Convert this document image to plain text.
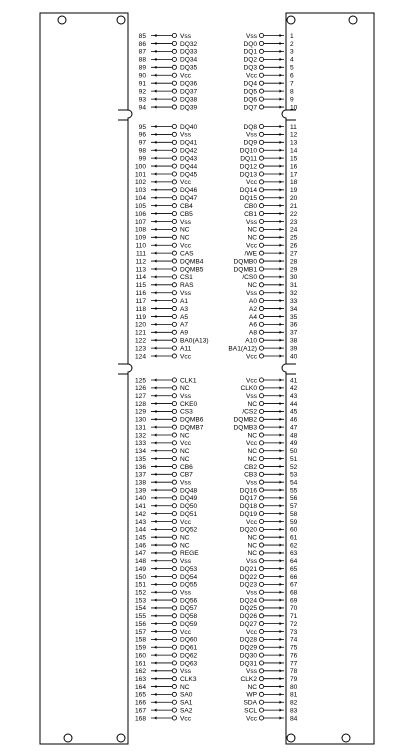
85	Vss
86	DQ32
87	DQ33
88	DQ34
89	DQ35
90	Vcc
91	DQ36
92	DQ37
93	DQ38
94	DQ39
95	DQ40
96	Vss
97	DQ41
98	DQ42
99	DQ43
100	DQ44
101	DQ45
102	Vcc
103	DQ46
104	DQ47
105	CB4
106	CB5
107	Vss
108	NC
109	NC
110	Vcc
111	CAS
112	DQMB4
113	DQMB5
114	CS1
115	RAS
116	Vss
117	A1
118	A3
119	A5
120	A7
121	A9
122	BA0(A13)
123	A11
124	Vcc
125	CLK1
126	NC
127	Vss
128	CKE0
129	CS3
130	DQMB6
131	DQMB7
132	NC
133	Vcc
134	NC
135	NC
136	CB6
137	CB7
138	Vss
139	DQ48
140	DQ49
141	DQ50
142	DQ51
143	Vcc
144	DQ52
145	NC
146	NC
147	REGE
148	Vss
149	DQ53
150	DQ54
151	DQ55
152	Vss
153	DQ56
154	DQ57
155	DQ58
156	DQ59
157	Vcc
158	DQ60
159	DQ61
160	DQ62
161	DQ63
162	Vss
163	CLK3
164	NC
165	SA0
166	SA1
167	SA2
168	Vcc
Vss	1
DQ0	2
DQ1	3
DQ2	4
DQ3	5
Vcc	6
DQ4	7
DQ5	8
DQ6	9
DQ7	10
DQ8	11
Vss	12
DQ9	13
DQ10	14
DQ11	15
DQ12	16
DQ13	17
Vcc	18
DQ14	19
DQ15	20
CB0	21
CB1	22
Vss	23
NC	24
NC	25
Vcc	26
/WE	27
DQMB0	28
DQMB1	29
/CS0	30
NC	31
Vss	32
A0	33
A2	34
A4	35
A6	36
A8	37
A10	38
BA1(A12)	39
Vcc	40
Vcc	41
CLK0	42
Vss	43
NC	44
/CS2	45
DQMB2	46
DQMB3	47
NC	48
Vcc	49
NC	50
NC	51
CB2	52
CB3	53
Vss	54
DQ16	55
DQ17	56
DQ18	57
DQ19	58
Vcc	59
DQ20	60
NC	61
NC	62
NC	63
Vss	64
DQ21	65
DQ22	66
DQ23	67
Vss	68
DQ24	69
DQ25	70
DQ26	71
DQ27	72
Vcc	73
DQ28	74
DQ29	75
DQ30	76
DQ31	77
Vss	78
CLK2	79
NC	80
WP	81
SDA	82
SCL	83
Vcc	84
